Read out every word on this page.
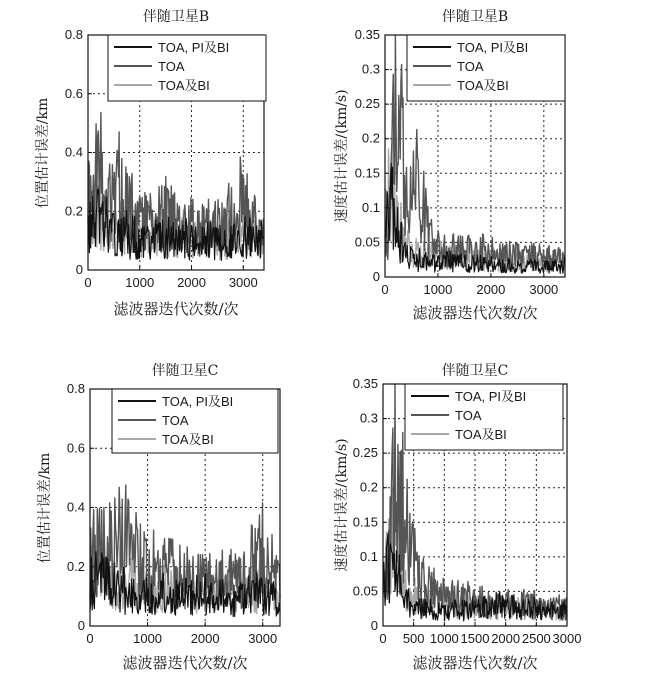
伴随卫星B
滤波器迭代次数/次
位置估计误差/km
0
0.2
0.4
0.6
0.8
0	1000 2000 3000
TOA, PI及BI
TOA
TOA及BI
伴随卫星B
滤波器迭代次数/次
速度估计误差/(km/s)
0
0.05
0.1
0.15
0.2
0.25
0.3
0.35
0	1000 2000 3000
TOA, PI及BI
TOA
TOA及BI
伴随卫星C
滤波器迭代次数/次
位置估计误差/km
0
0.2
0.4
0.6
0.8
0	1000 2000 3000
TOA, PI及BI
TOA
TOA及BI
伴随卫星C
滤波器迭代次数/次
速度估计误差/(km/s)
0
0.05
0.1
0.15
0.2
0.25
0.3
0.35
0 500 1000 1500 2000 2500 3000
TOA, PI及BI
TOA
TOA及BI
